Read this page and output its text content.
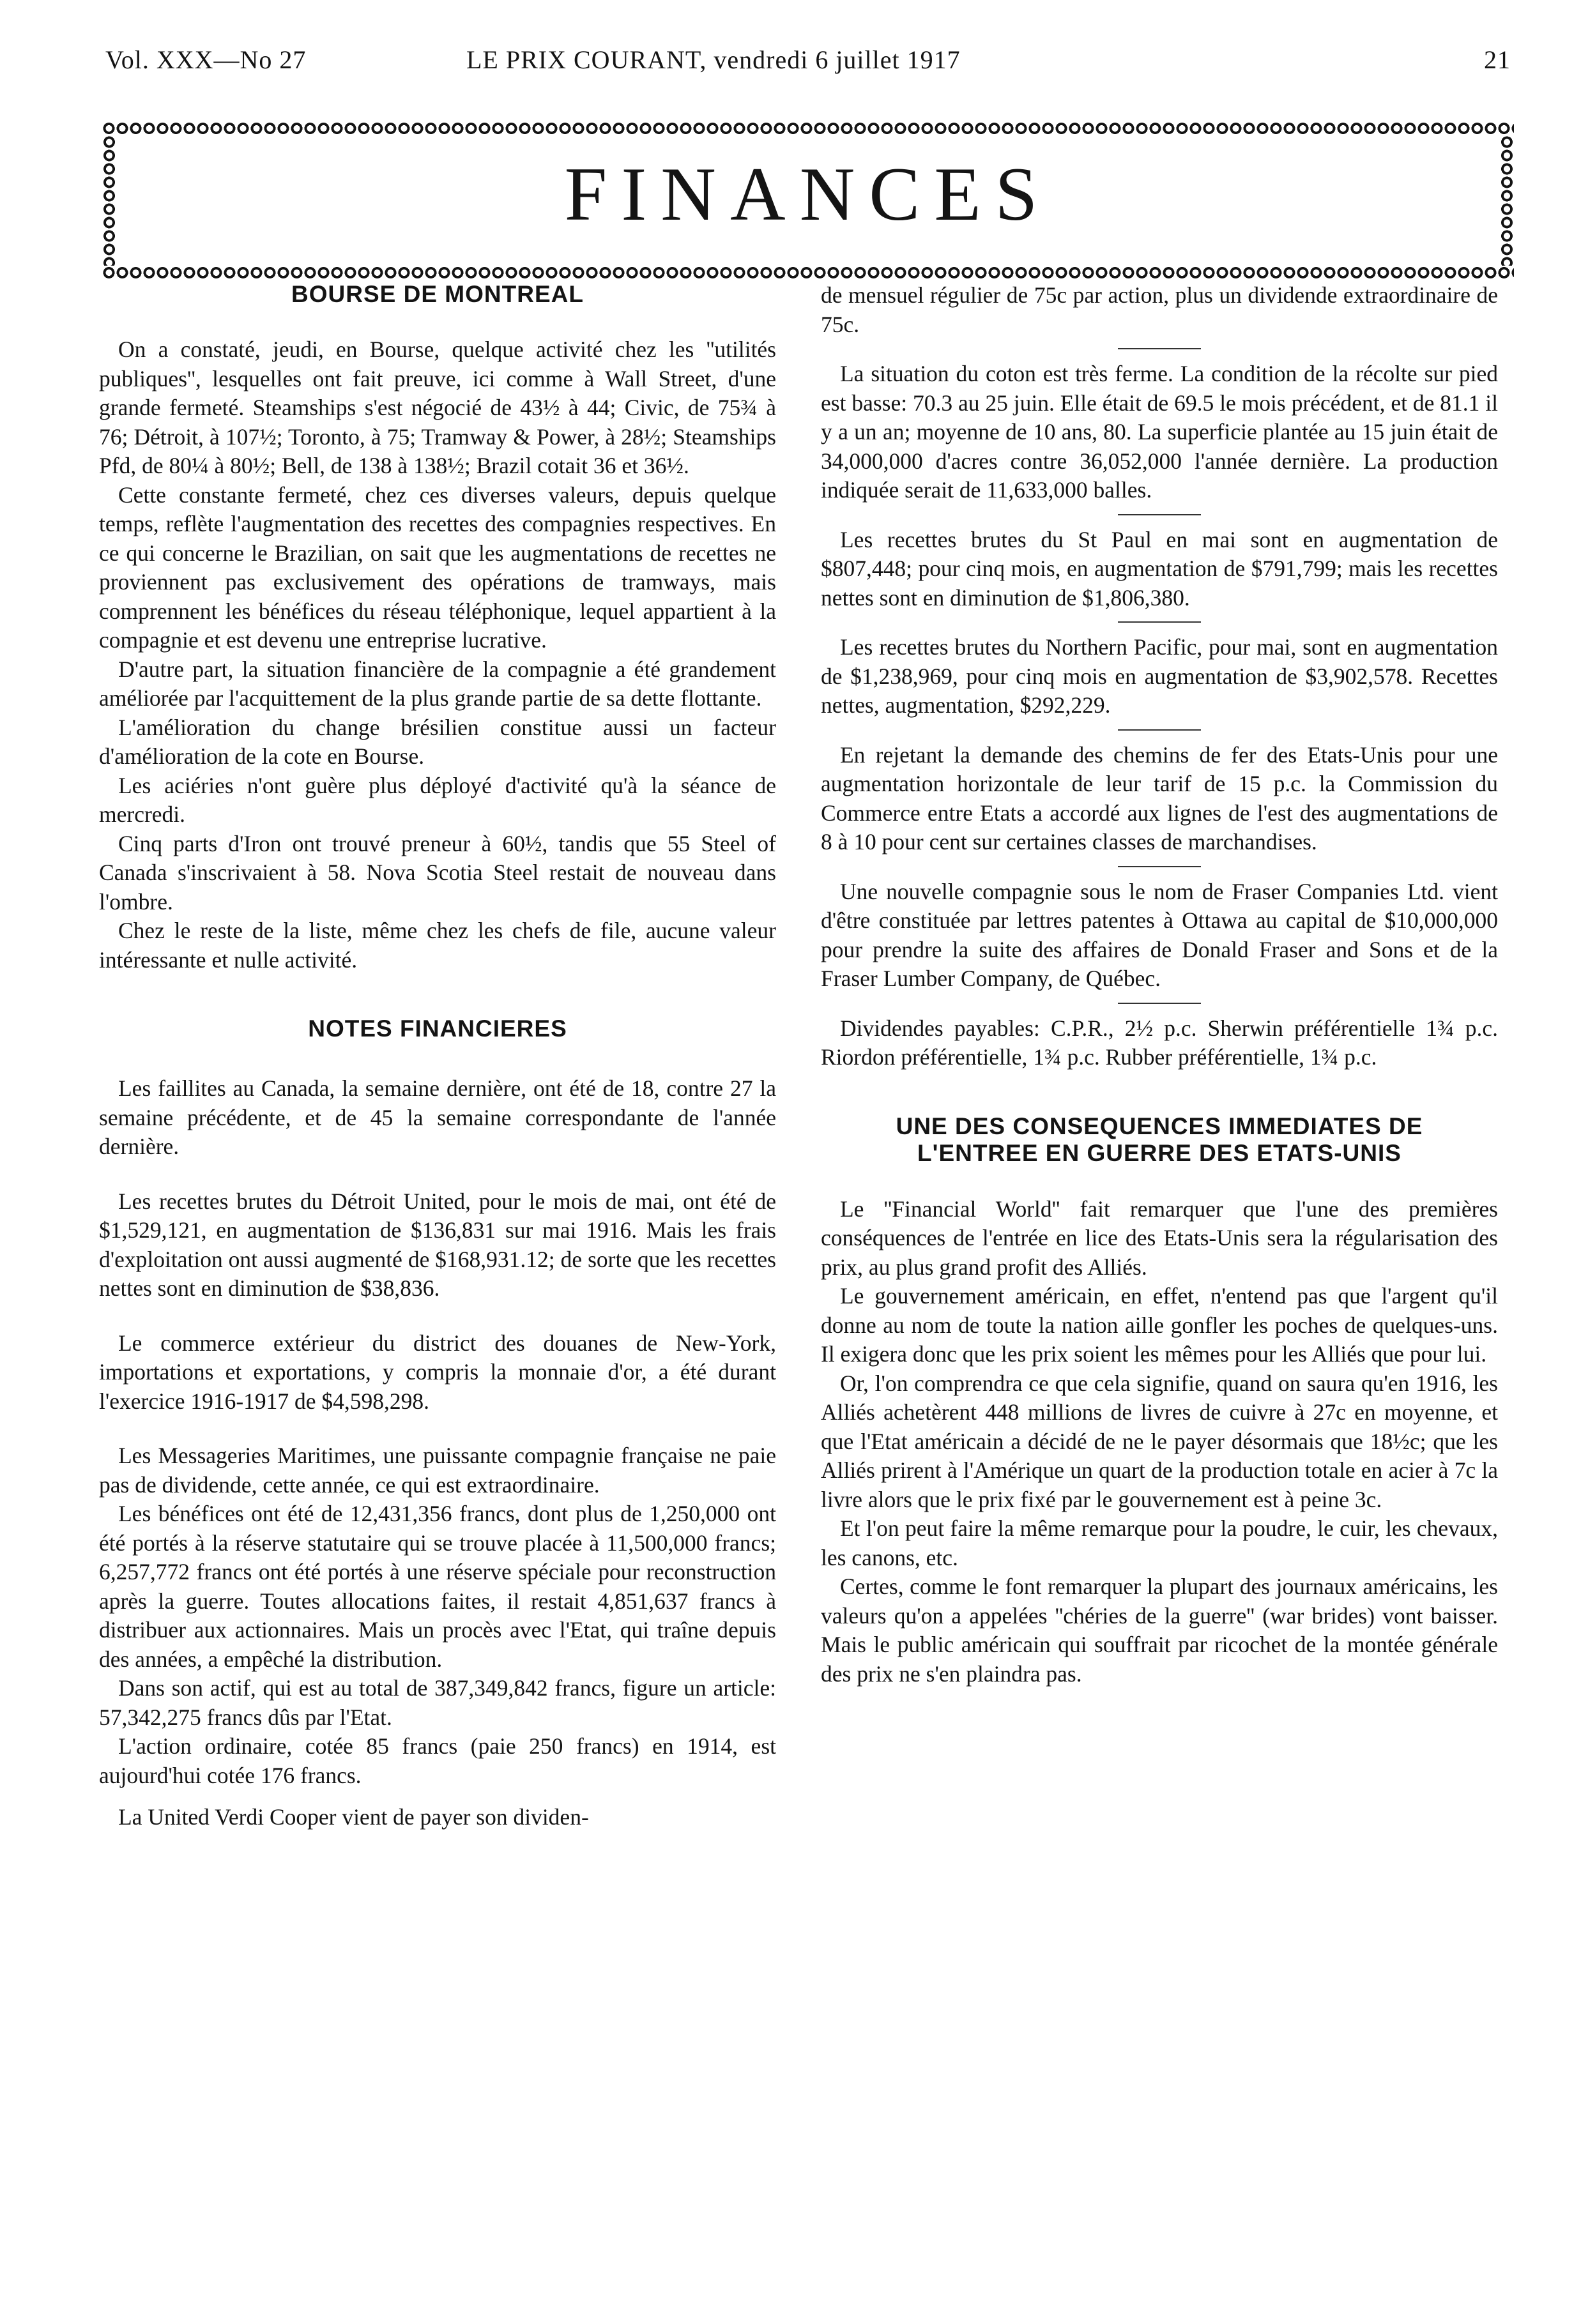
Vol. XXX—No 27	LE PRIX COURANT, vendredi 6 juillet 1917	21
FINANCES
BOURSE DE MONTREAL

On a constaté, jeudi, en Bourse, quelque activité chez les ''utilités publiques'', lesquelles ont fait preuve, ici comme à Wall Street, d'une grande fermeté. Steamships s'est négocié de 43½ à 44; Civic, de 75¾ à 76; Détroit, à 107½; Toronto, à 75; Tramway & Power, à 28½; Steamships Pfd, de 80¼ à 80½; Bell, de 138 à 138½; Brazil cotait 36 et 36½.

Cette constante fermeté, chez ces diverses valeurs, depuis quelque temps, reflète l'augmentation des recettes des compagnies respectives. En ce qui concerne le Brazilian, on sait que les augmentations de recettes ne proviennent pas exclusivement des opérations de tramways, mais comprennent les bénéfices du réseau téléphonique, lequel appartient à la compagnie et est devenu une entreprise lucrative.

D'autre part, la situation financière de la compagnie a été grandement améliorée par l'acquittement de la plus grande partie de sa dette flottante.

L'amélioration du change brésilien constitue aussi un facteur d'amélioration de la cote en Bourse.

Les aciéries n'ont guère plus déployé d'activité qu'à la séance de mercredi.

Cinq parts d'Iron ont trouvé preneur à 60½, tandis que 55 Steel of Canada s'inscrivaient à 58. Nova Scotia Steel restait de nouveau dans l'ombre.

Chez le reste de la liste, même chez les chefs de file, aucune valeur intéressante et nulle activité.

NOTES FINANCIERES

Les faillites au Canada, la semaine dernière, ont été de 18, contre 27 la semaine précédente, et de 45 la semaine correspondante de l'année dernière.

Les recettes brutes du Détroit United, pour le mois de mai, ont été de $1,529,121, en augmentation de $136,831 sur mai 1916. Mais les frais d'exploitation ont aussi augmenté de $168,931.12; de sorte que les recettes nettes sont en diminution de $38,836.

Le commerce extérieur du district des douanes de New-York, importations et exportations, y compris la monnaie d'or, a été durant l'exercice 1916-1917 de $4,598,298.

Les Messageries Maritimes, une puissante compagnie française ne paie pas de dividende, cette année, ce qui est extraordinaire.

Les bénéfices ont été de 12,431,356 francs, dont plus de 1,250,000 ont été portés à la réserve statutaire qui se trouve placée à 11,500,000 francs; 6,257,772 francs ont été portés à une réserve spéciale pour reconstruction après la guerre. Toutes allocations faites, il restait 4,851,637 francs à distribuer aux actionnaires. Mais un procès avec l'Etat, qui traîne depuis des années, a empêché la distribution.

Dans son actif, qui est au total de 387,349,842 francs, figure un article: 57,342,275 francs dûs par l'Etat.

L'action ordinaire, cotée 85 francs (paie 250 francs) en 1914, est aujourd'hui cotée 176 francs.

La United Verdi Cooper vient de payer son dividen-

de mensuel régulier de 75c par action, plus un dividende extraordinaire de 75c.

La situation du coton est très ferme. La condition de la récolte sur pied est basse: 70.3 au 25 juin. Elle était de 69.5 le mois précédent, et de 81.1 il y a un an; moyenne de 10 ans, 80. La superficie plantée au 15 juin était de 34,000,000 d'acres contre 36,052,000 l'année dernière. La production indiquée serait de 11,633,000 balles.

Les recettes brutes du St Paul en mai sont en augmentation de $807,448; pour cinq mois, en augmentation de $791,799; mais les recettes nettes sont en diminution de $1,806,380.

Les recettes brutes du Northern Pacific, pour mai, sont en augmentation de $1,238,969, pour cinq mois en augmentation de $3,902,578. Recettes nettes, augmentation, $292,229.

En rejetant la demande des chemins de fer des Etats-Unis pour une augmentation horizontale de leur tarif de 15 p.c. la Commission du Commerce entre Etats a accordé aux lignes de l'est des augmentations de 8 à 10 pour cent sur certaines classes de marchandises.

Une nouvelle compagnie sous le nom de Fraser Companies Ltd. vient d'être constituée par lettres patentes à Ottawa au capital de $10,000,000 pour prendre la suite des affaires de Donald Fraser and Sons et de la Fraser Lumber Company, de Québec.

Dividendes payables: C.P.R., 2½ p.c. Sherwin préférentielle 1¾ p.c. Riordon préférentielle, 1¾ p.c. Rubber préférentielle, 1¾ p.c.

UNE DES CONSEQUENCES IMMEDIATES DE L'ENTREE EN GUERRE DES ETATS-UNIS

Le ''Financial World'' fait remarquer que l'une des premières conséquences de l'entrée en lice des Etats-Unis sera la régularisation des prix, au plus grand profit des Alliés.

Le gouvernement américain, en effet, n'entend pas que l'argent qu'il donne au nom de toute la nation aille gonfler les poches de quelques-uns. Il exigera donc que les prix soient les mêmes pour les Alliés que pour lui.

Or, l'on comprendra ce que cela signifie, quand on saura qu'en 1916, les Alliés achetèrent 448 millions de livres de cuivre à 27c en moyenne, et que l'Etat américain a décidé de ne le payer désormais que 18½c; que les Alliés prirent à l'Amérique un quart de la production totale en acier à 7c la livre alors que le prix fixé par le gouvernement est à peine 3c.

Et l'on peut faire la même remarque pour la poudre, le cuir, les chevaux, les canons, etc.

Certes, comme le font remarquer la plupart des journaux américains, les valeurs qu'on a appelées ''chéries de la guerre'' (war brides) vont baisser. Mais le public américain qui souffrait par ricochet de la montée générale des prix ne s'en plaindra pas.
